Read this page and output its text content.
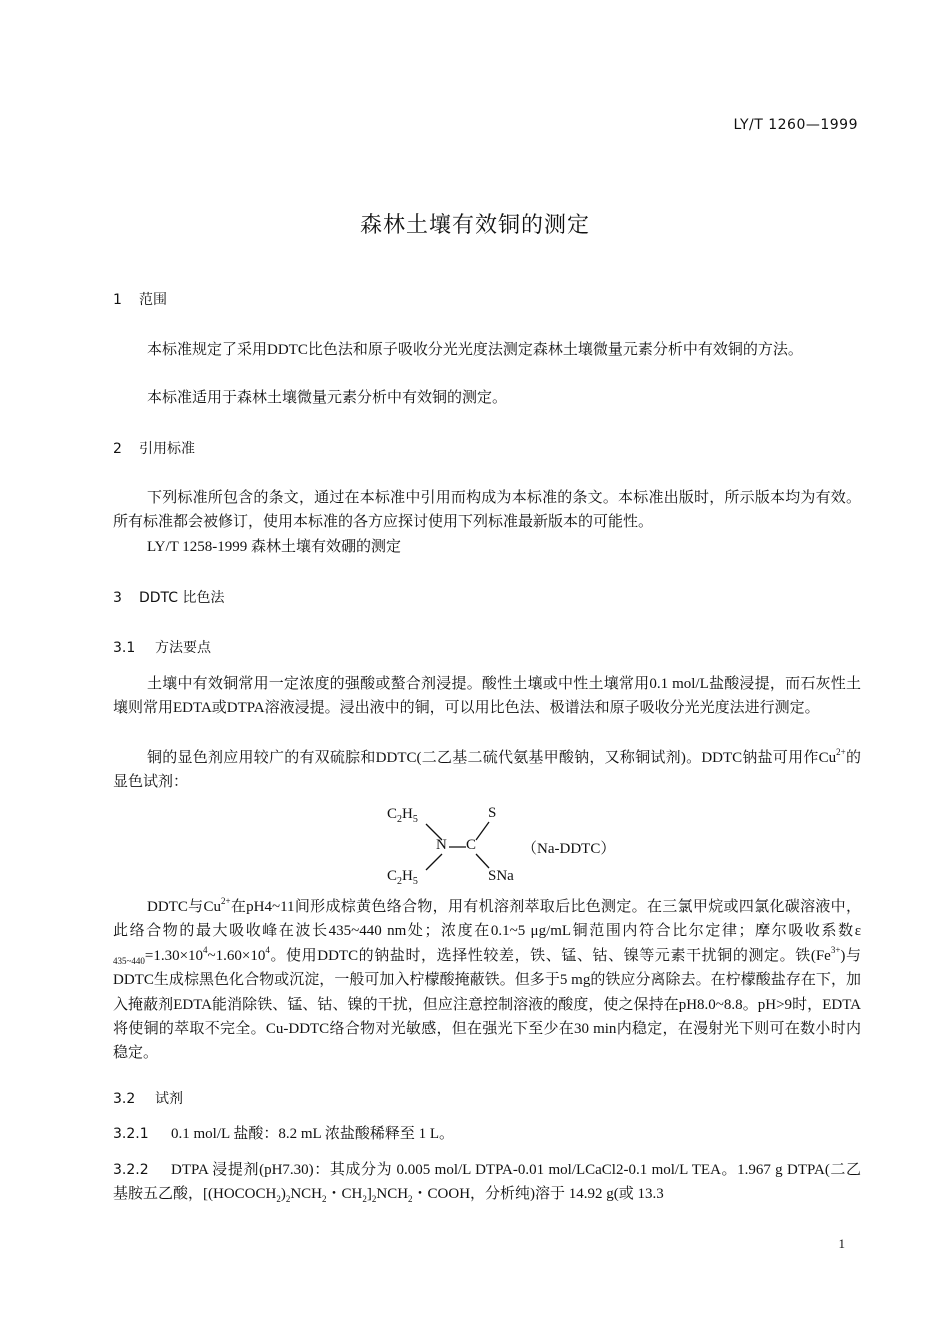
LY/T 1260—1999
森林土壤有效铜的测定
1 范围
本标准规定了采用DDTC比色法和原子吸收分光光度法测定森林土壤微量元素分析中有效铜的方法。
本标准适用于森林土壤微量元素分析中有效铜的测定。
2 引用标准
下列标准所包含的条文，通过在本标准中引用而构成为本标准的条文。本标准出版时，所示版本均为有效。所有标准都会被修订，使用本标准的各方应探讨使用下列标准最新版本的可能性。
LY/T 1258-1999 森林土壤有效硼的测定
3 DDTC 比色法
3.1 方法要点
土壤中有效铜常用一定浓度的强酸或螯合剂浸提。酸性土壤或中性土壤常用0.1 mol/L盐酸浸提，而石灰性土壤则常用EDTA或DTPA溶液浸提。浸出液中的铜，可以用比色法、极谱法和原子吸收分光光度法进行测定。
铜的显色剂应用较广的有双硫腙和DDTC(二乙基二硫代氨基甲酸钠，又称铜试剂)。DDTC钠盐可用作$Cu^{2+}$的显色试剂：
$C_2H_5$
$C_2H_5$
N C
S
SNa
（Na-DDTC）
DDTC与$Cu^{2+}$在pH4~11间形成棕黄色络合物，用有机溶剂萃取后比色测定。在三氯甲烷或四氯化碳溶液中，此络合物的最大吸收峰在波长435~440 nm处；浓度在0.1~5 μg/mL铜范围内符合比尔定律；摩尔吸收系数ε $_{435\sim 440}=1.30\times 10^4\sim 1.60\times 10^4$。使用DDTC的钠盐时，选择性较差，铁、锰、钴、镍等元素干扰铜的测定。铁$(Fe^{3+})$与DDTC生成棕黑色化合物或沉淀，一般可加入柠檬酸掩蔽铁。但多于5 mg的铁应分离除去。在柠檬酸盐存在下，加入掩蔽剂EDTA能消除铁、锰、钴、镍的干扰，但应注意控制溶液的酸度，使之保持在pH8.0~8.8。pH>9时，EDTA将使铜的萃取不完全。Cu-DDTC络合物对光敏感，但在强光下至少在30 min内稳定，在漫射光下则可在数小时内稳定。
3.2 试剂
3.2.1 0.1 mol/L 盐酸：8.2 mL 浓盐酸稀释至 1 L。
3.2.2 DTPA 浸提剂(pH7.30)：其成分为 0.005 mol/L DTPA-0.01 mol/LCaCl2-0.1 mol/L TEA。1.967 g DTPA(二乙基胺五乙酸，[$(HOCOCH_2)_2NCH_2$・$CH_2]_2NCH_2$・COOH，分析纯)溶于 14.92 g(或 13.3
1
